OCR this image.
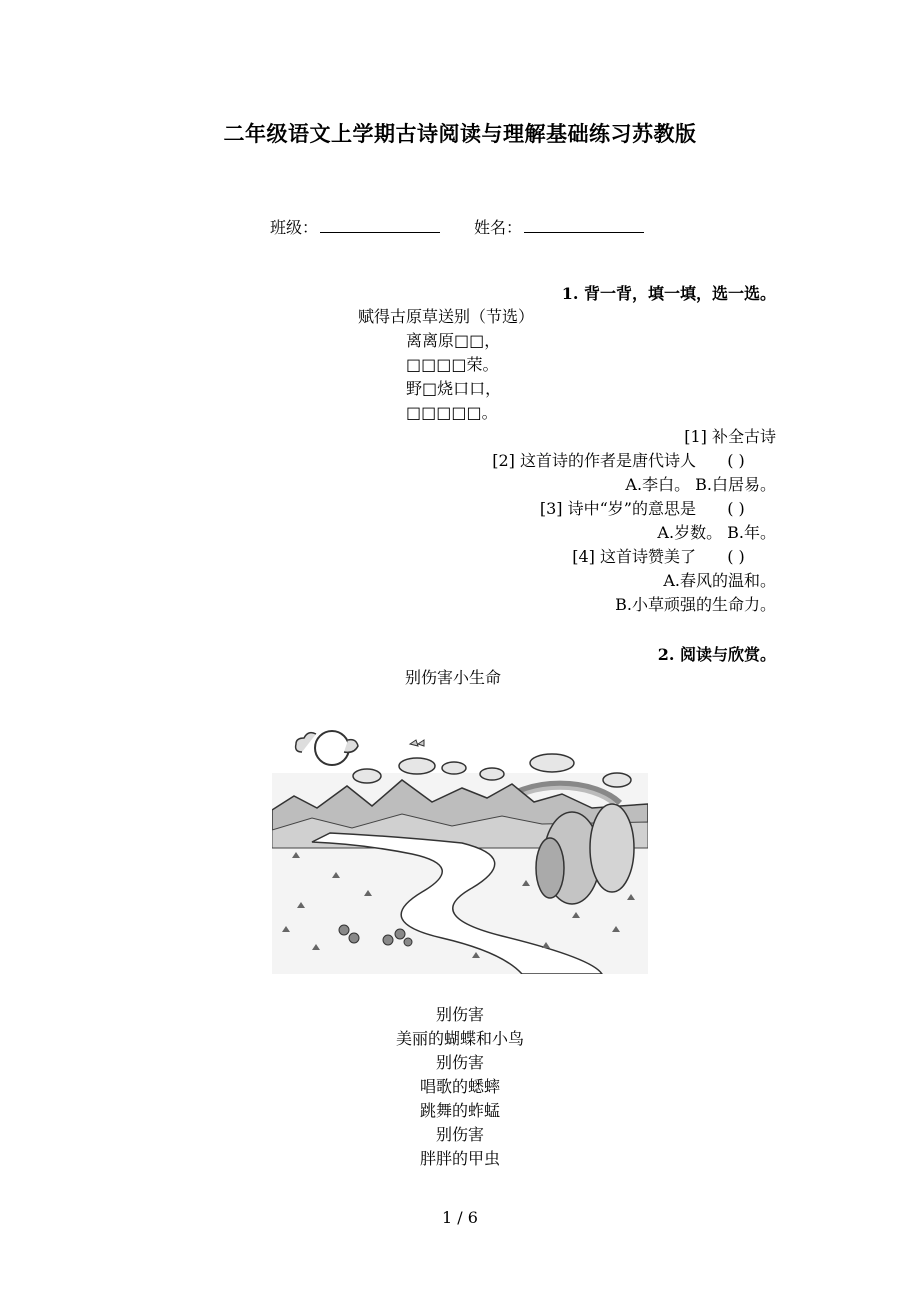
二年级语文上学期古诗阅读与理解基础练习苏教版
班级：	姓名：
1. 背一背，填一填，选一选。
赋得古原草送别（节选）
离离原□□，
□□□□荣。
野□烧口口，
□□□□□。
[1] 补全古诗
[2] 这首诗的作者是唐代诗人 ( )
A.李白。 B.白居易。
[3] 诗中“岁”的意思是 ( )
A.岁数。 B.年。
[4] 这首诗赞美了 ( )
A.春风的温和。
B.小草顽强的生命力。
2. 阅读与欣赏。
别伤害小生命
别伤害
美丽的蝴蝶和小鸟
别伤害
唱歌的蟋蟀
跳舞的蚱蜢
别伤害
胖胖的甲虫
1 / 6
